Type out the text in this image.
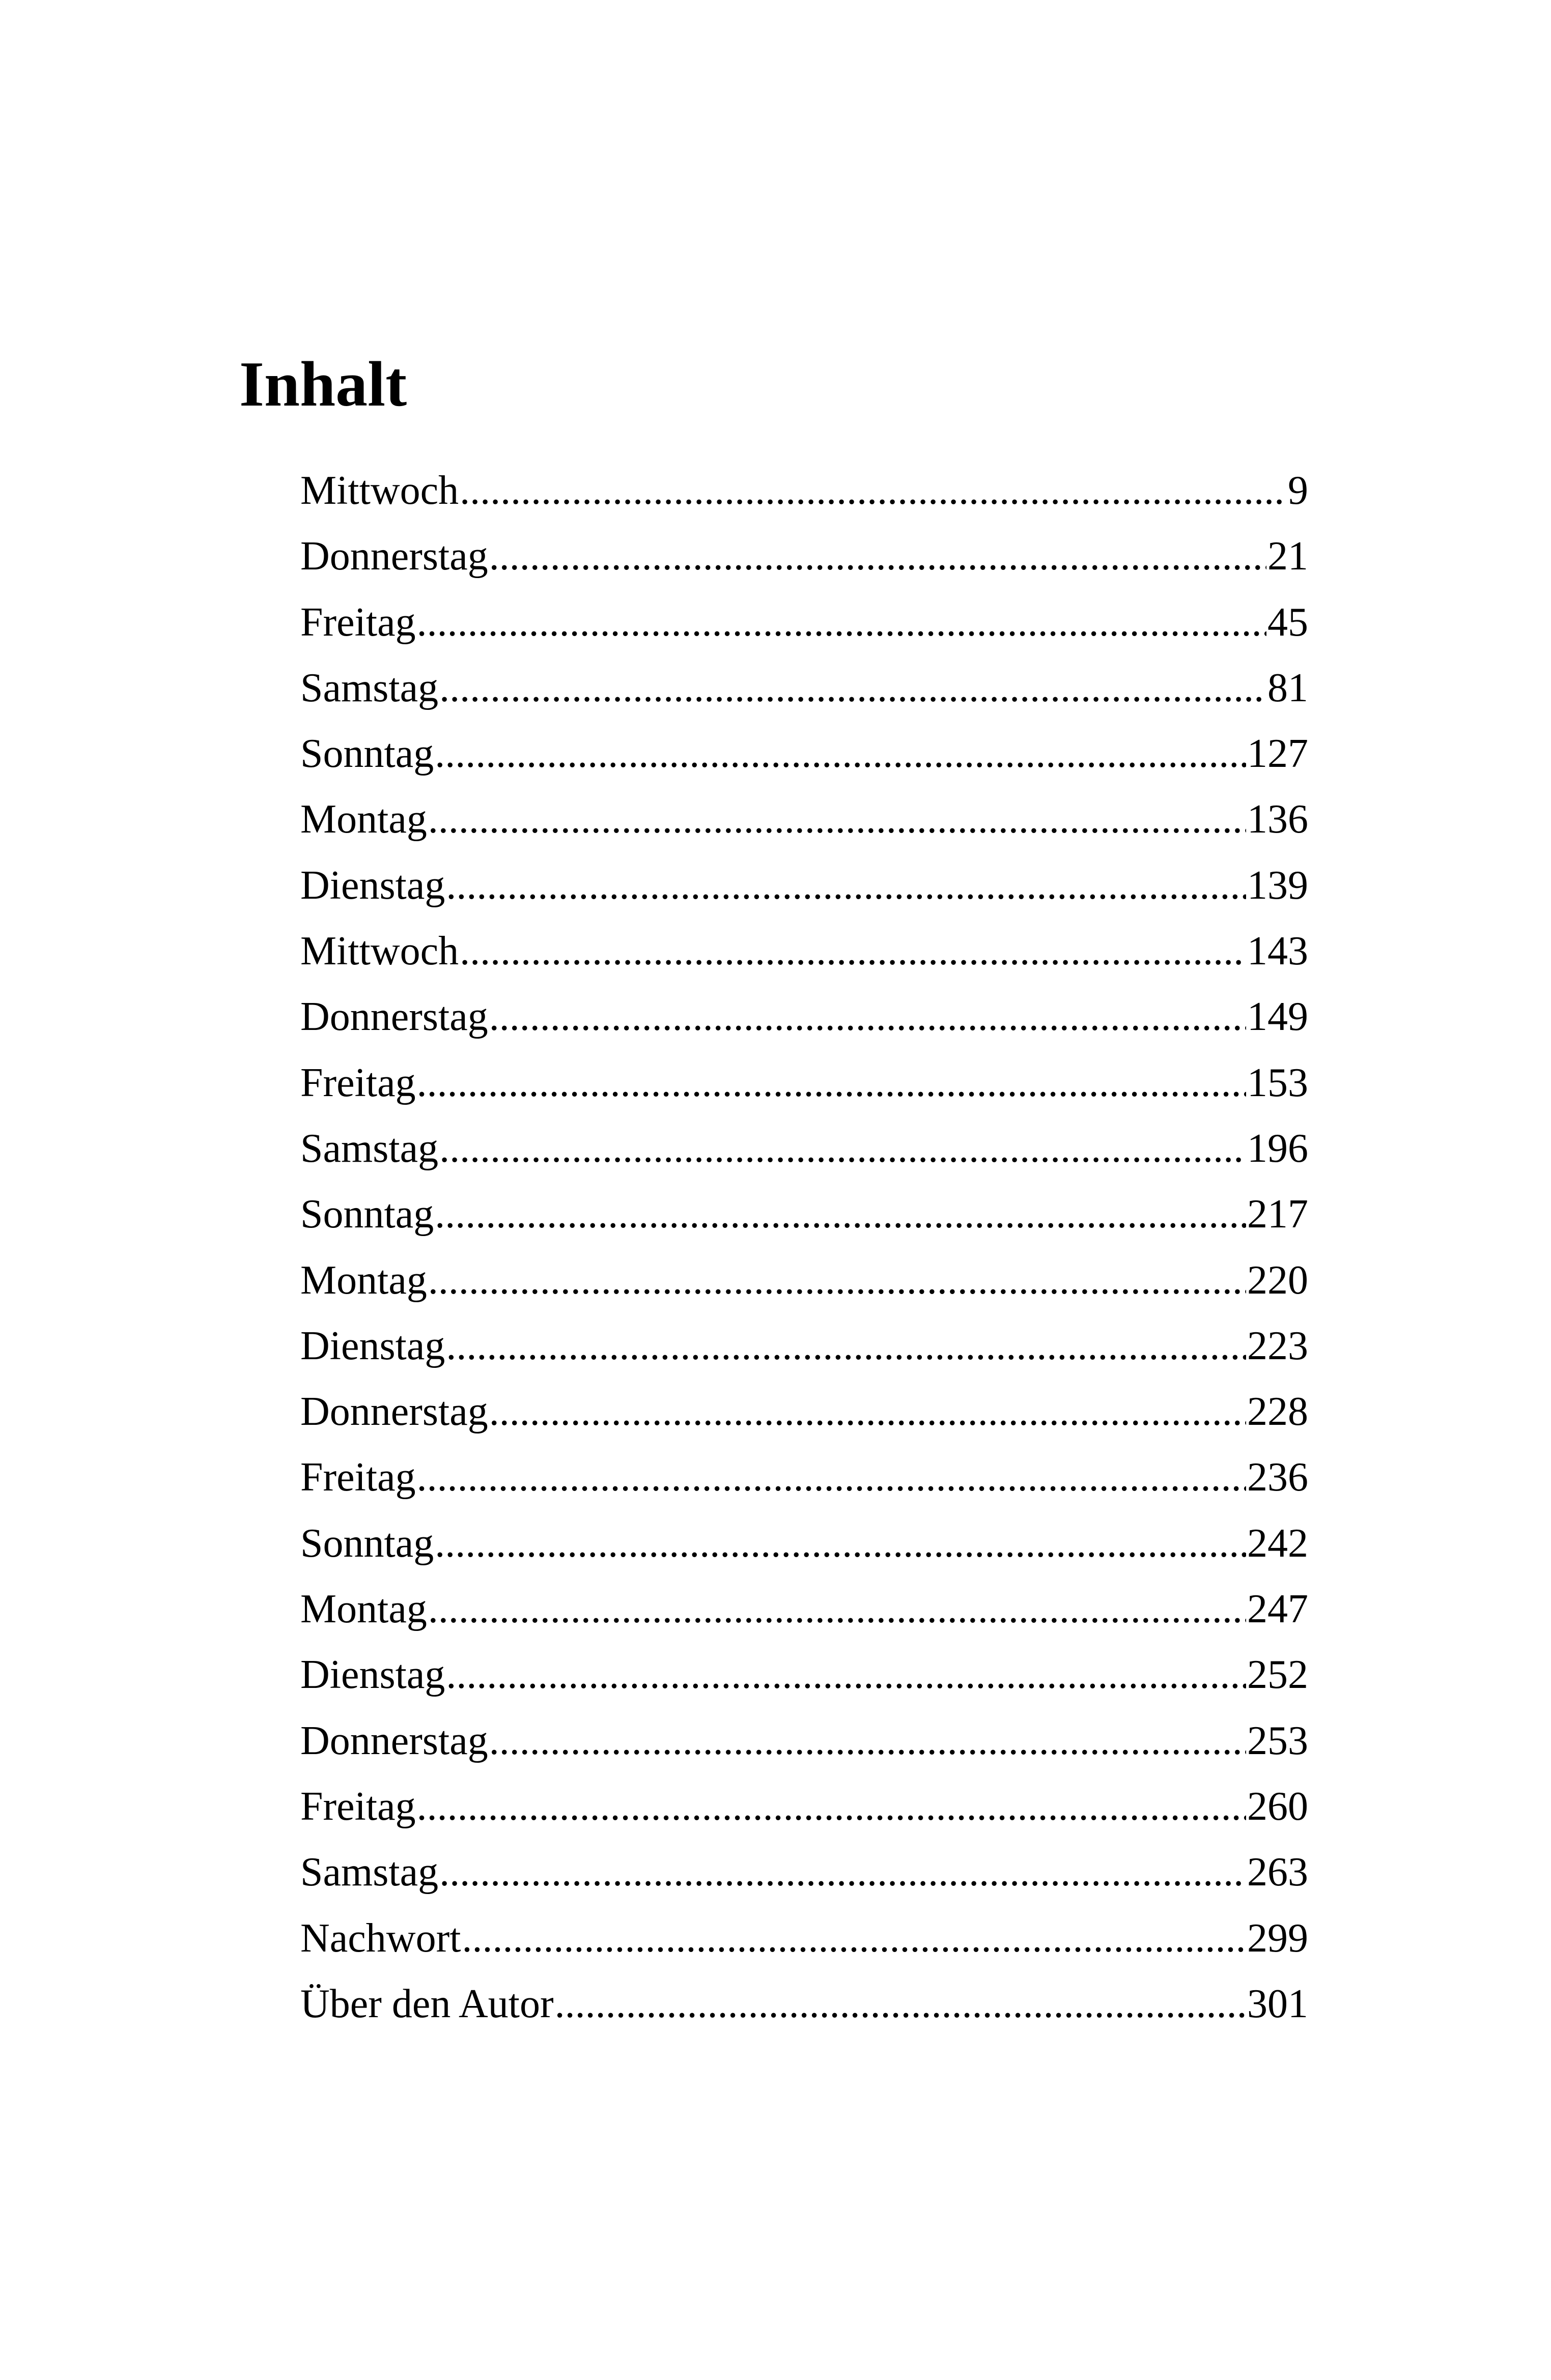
Inhalt
Mittwoch .....	9
Donnerstag .....	21
Freitag .....	45
Samstag .....	81
Sonntag .....	127
Montag .....	136
Dienstag .....	139
Mittwoch .....	143
Donnerstag .....	149
Freitag .....	153
Samstag .....	196
Sonntag .....	217
Montag .....	220
Dienstag .....	223
Donnerstag .....	228
Freitag .....	236
Sonntag .....	242
Montag .....	247
Dienstag .....	252
Donnerstag .....	253
Freitag .....	260
Samstag .....	263
Nachwort .....	299
Über den Autor .....	301
